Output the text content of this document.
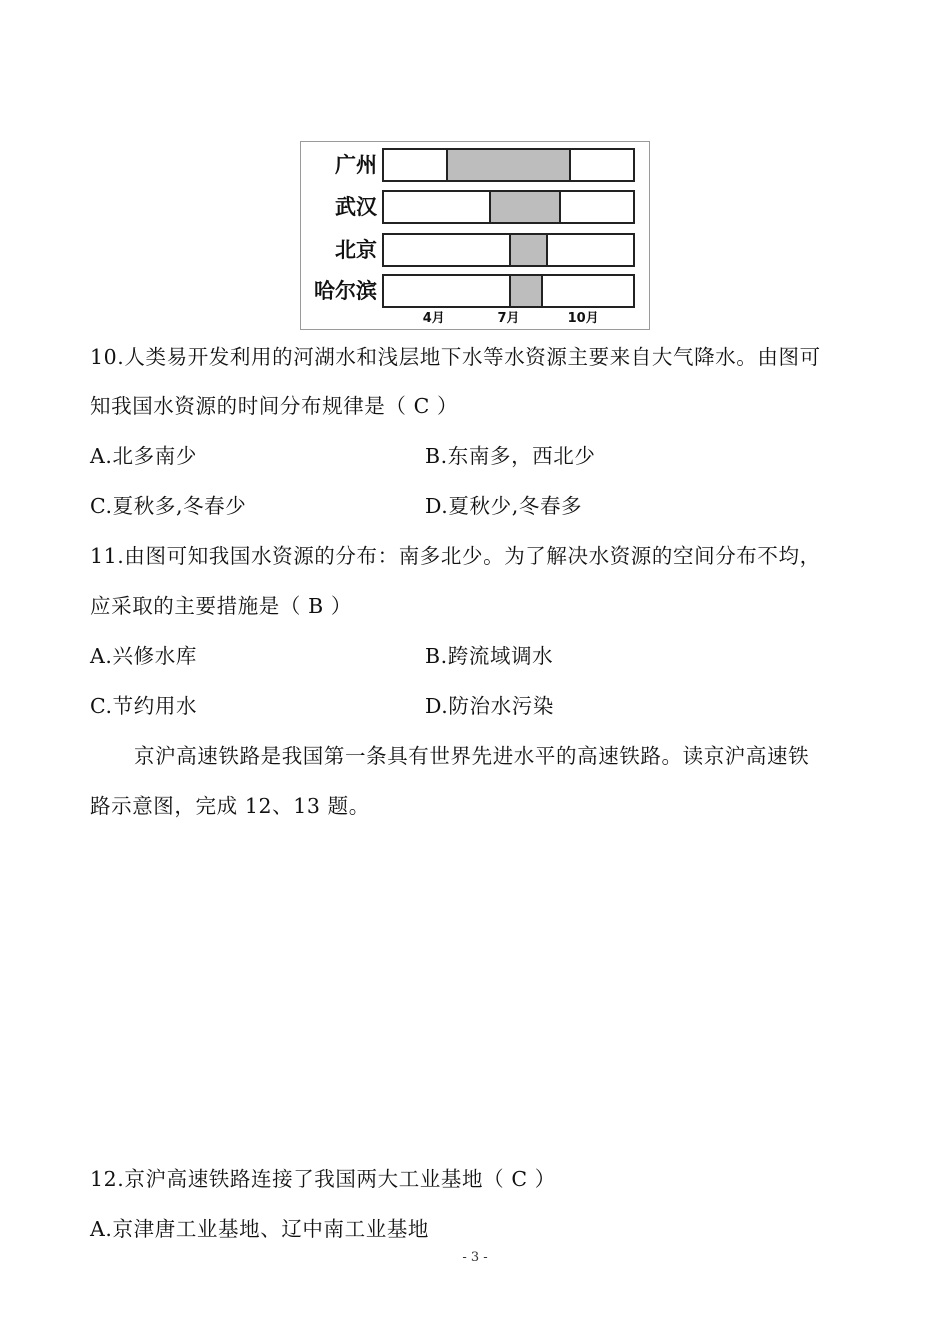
广州
武汉
北京
哈尔滨
4月	7月	10月
10.人类易开发利用的河湖水和浅层地下水等水资源主要来自大气降水。由图可
知我国水资源的时间分布规律是（ C ）
A.北多南少	B.东南多，西北少
C.夏秋多,冬春少	D.夏秋少,冬春多
11.由图可知我国水资源的分布：南多北少。为了解决水资源的空间分布不均，
应采取的主要措施是（ B ）
A.兴修水库	B.跨流域调水
C.节约用水	D.防治水污染
京沪高速铁路是我国第一条具有世界先进水平的高速铁路。读京沪高速铁
路示意图，完成 12、13 题。
12.京沪高速铁路连接了我国两大工业基地（ C ）
A.京津唐工业基地、辽中南工业基地
- 3 -
